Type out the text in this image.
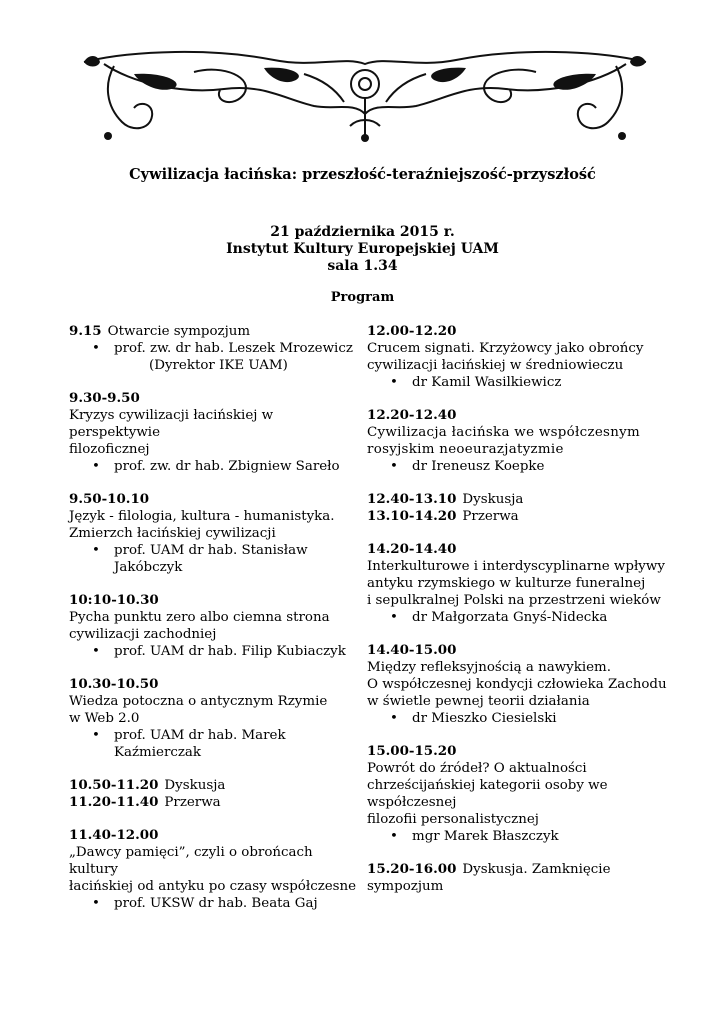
Cywilizacja łacińska: przeszłość-teraźniejszość-przyszłość
21 października 2015 r.
Instytut Kultury Europejskiej UAM
sala 1.34
Program
9.15 Otwarcie sympozjum
• prof. zw. dr hab. Leszek Mrozewicz
(Dyrektor IKE UAM)
9.30-9.50
Kryzys cywilizacji łacińskiej w perspektywie
filozoficznej
• prof. zw. dr hab. Zbigniew Sareło
9.50-10.10
Język - filologia, kultura - humanistyka.
Zmierzch łacińskiej cywilizacji
• prof. UAM dr hab. Stanisław Jakóbczyk
10:10-10.30
Pycha punktu zero albo ciemna strona
cywilizacji zachodniej
• prof. UAM dr hab. Filip Kubiaczyk
10.30-10.50
Wiedza potoczna o antycznym Rzymie
w Web 2.0
• prof. UAM dr hab. Marek Kaźmierczak
10.50-11.20 Dyskusja
11.20-11.40 Przerwa
11.40-12.00
„Dawcy pamięci”, czyli o obrońcach kultury
łacińskiej od antyku po czasy współczesne
• prof. UKSW dr hab. Beata Gaj
12.00-12.20
Crucem signati. Krzyżowcy jako obrońcy
cywilizacji łacińskiej w średniowieczu
• dr Kamil Wasilkiewicz
12.20-12.40
Cywilizacja łacińska we współczesnym
rosyjskim neoeurazjatyzmie
• dr Ireneusz Koepke
12.40-13.10 Dyskusja
13.10-14.20 Przerwa
14.20-14.40
Interkulturowe i interdyscyplinarne wpływy
antyku rzymskiego w kulturze funeralnej
i sepulkralnej Polski na przestrzeni wieków
• dr Małgorzata Gnyś-Nidecka
14.40-15.00
Między refleksyjnością a nawykiem.
O współczesnej kondycji człowieka Zachodu
w świetle pewnej teorii działania
• dr Mieszko Ciesielski
15.00-15.20
Powrót do źródeł? O aktualności
chrześcijańskiej kategorii osoby we współczesnej
filozofii personalistycznej
• mgr Marek Błaszczyk
15.20-16.00 Dyskusja. Zamknięcie sympozjum
